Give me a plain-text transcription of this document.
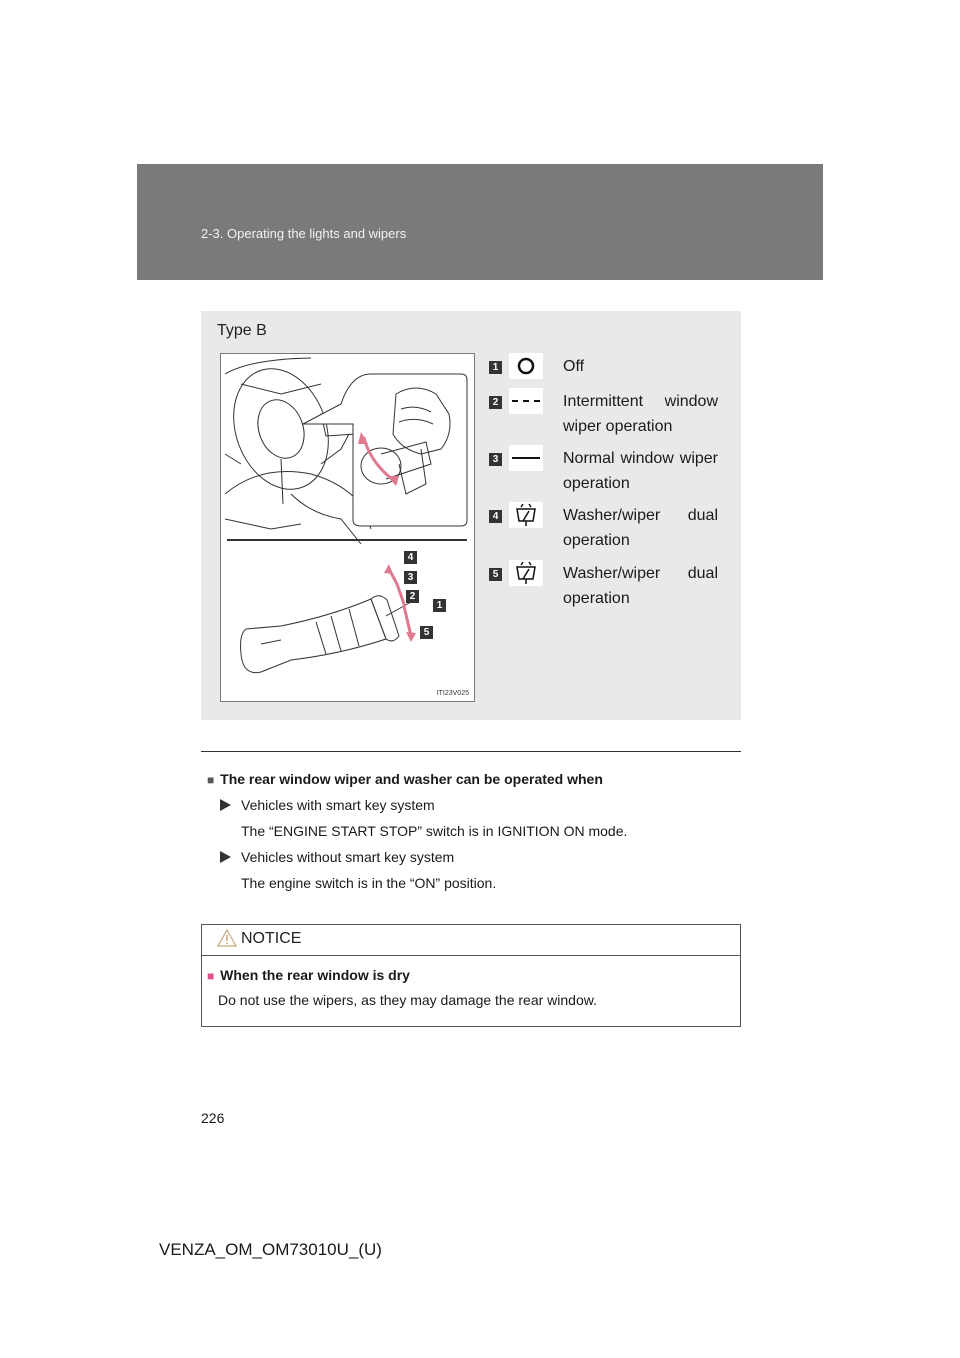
2-3. Operating the lights and wipers
Type B
ITI23V025
4
3
2
1
5
1	Off
2	Intermittent window wiper operation
3	Normal window wiper operation
4	Washer/wiper dual operation
5	Washer/wiper dual operation
■ The rear window wiper and washer can be operated when
Vehicles with smart key system
The “ENGINE START STOP” switch is in IGNITION ON mode.
Vehicles without smart key system
The engine switch is in the “ON” position.
NOTICE
■ When the rear window is dry
Do not use the wipers, as they may damage the rear window.
226
VENZA_OM_OM73010U_(U)
